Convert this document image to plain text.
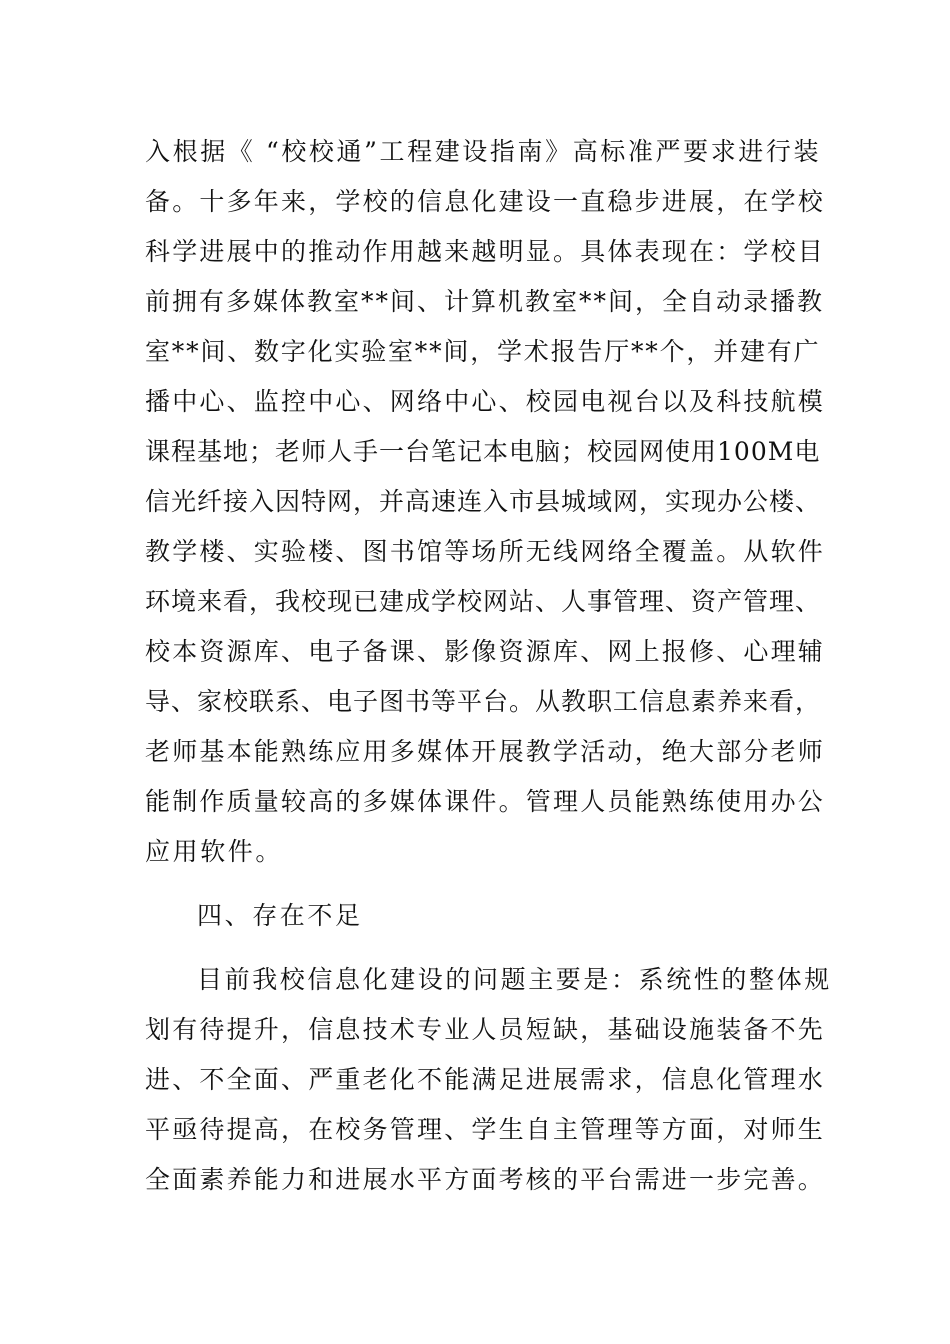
入根据《 “校校通”工程建设指南》高标准严要求进行装
备。十多年来，学校的信息化建设一直稳步进展，在学校
科学进展中的推动作用越来越明显。具体表现在：学校目
前拥有多媒体教室**间、计算机教室**间，全自动录播教
室**间、数字化实验室**间，学术报告厅**个，并建有广
播中心、监控中心、网络中心、校园电视台以及科技航模
课程基地；老师人手一台笔记本电脑；校园网使用100M电
信光纤接入因特网，并高速连入市县城域网，实现办公楼、
教学楼、实验楼、图书馆等场所无线网络全覆盖。从软件
环境来看，我校现已建成学校网站、人事管理、资产管理、
校本资源库、电子备课、影像资源库、网上报修、心理辅
导、家校联系、电子图书等平台。从教职工信息素养来看，
老师基本能熟练应用多媒体开展教学活动，绝大部分老师
能制作质量较高的多媒体课件。管理人员能熟练使用办公
应用软件。
四、存在不足
目前我校信息化建设的问题主要是：系统性的整体规
划有待提升，信息技术专业人员短缺，基础设施装备不先
进、不全面、严重老化不能满足进展需求，信息化管理水
平亟待提高，在校务管理、学生自主管理等方面，对师生
全面素养能力和进展水平方面考核的平台需进一步完善。
